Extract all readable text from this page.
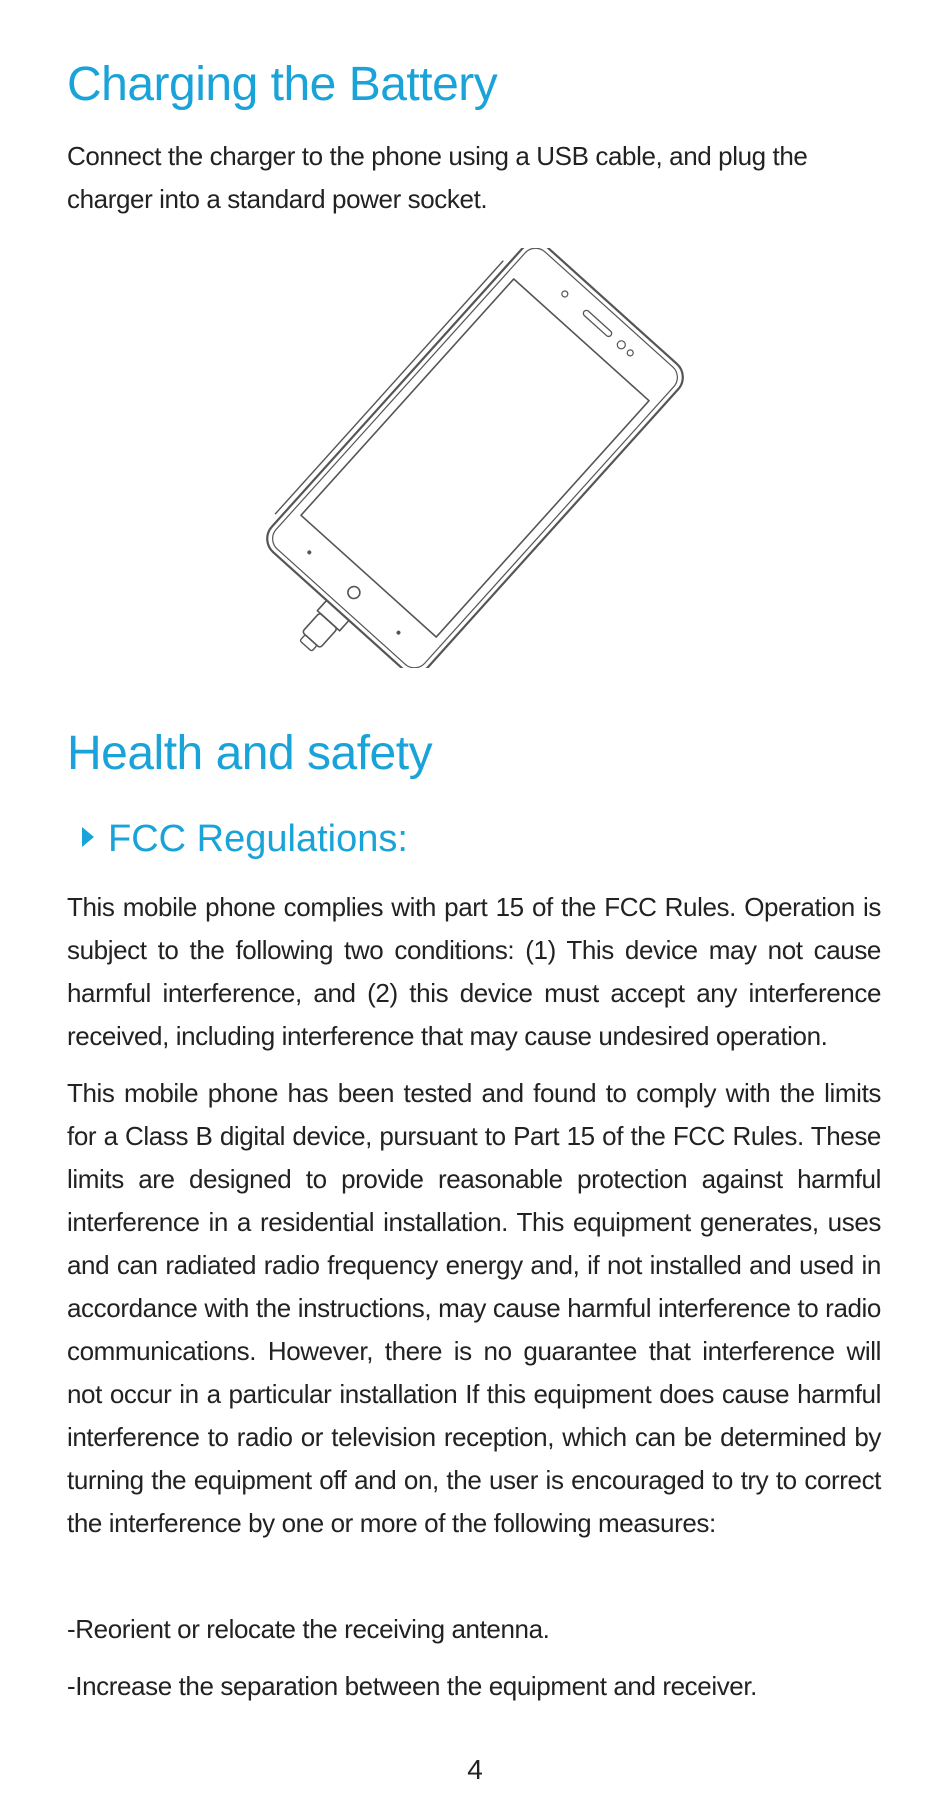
Charging the Battery

Connect the charger to the phone using a USB cable, and plug the charger into a standard power socket.

Health and safety
FCC Regulations:

This mobile phone complies with part 15 of the FCC Rules. Operation is subject to the following two conditions: (1) This device may not cause harmful interference, and (2) this device must accept any interference received, including interference that may cause undesired operation.

This mobile phone has been tested and found to comply with the limits for a Class B digital device, pursuant to Part 15 of the FCC Rules. These limits are designed to provide reasonable protection against harmful interference in a residential installation. This equipment generates, uses and can radiated radio frequency energy and, if not installed and used in accordance with the instructions, may cause harmful interference to radio communications. However, there is no guarantee that interference will not occur in a particular installation If this equipment does cause harmful interference to radio or television reception, which can be determined by turning the equipment off and on, the user is encouraged to try to correct the interference by one or more of the following measures:

-Reorient or relocate the receiving antenna.

-Increase the separation between the equipment and receiver.

4
